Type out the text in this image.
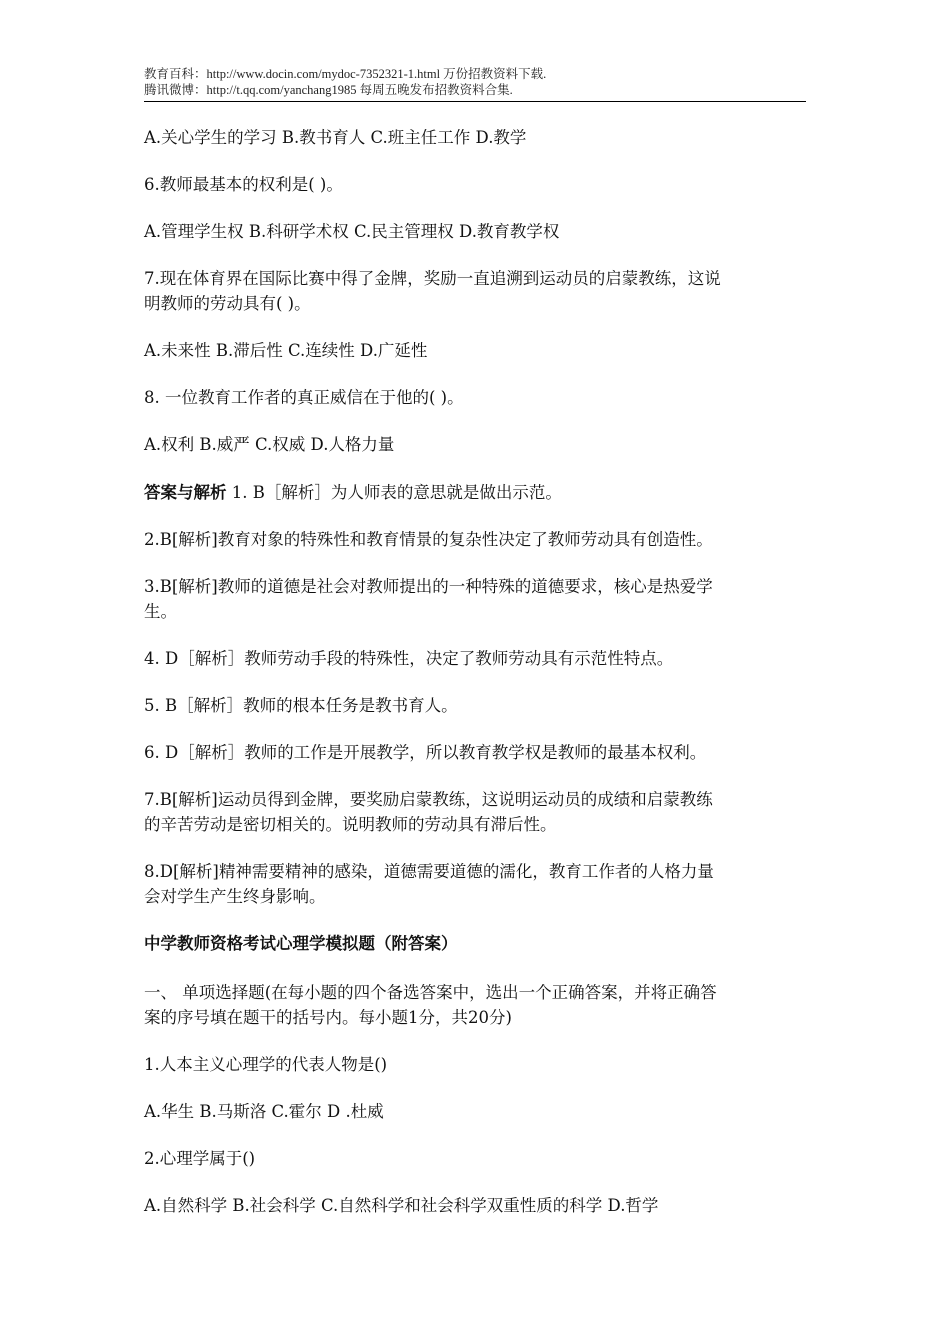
教育百科：http://www.docin.com/mydoc-7352321-1.html 万份招教资料下载.
腾讯微博：http://t.qq.com/yanchang1985 每周五晚发布招教资料合集.
A.关心学生的学习 B.教书育人 C.班主任工作 D.教学
6.教师最基本的权利是( )。
A.管理学生权 B.科研学术权 C.民主管理权 D.教育教学权
7.现在体育界在国际比赛中得了金牌，奖励一直追溯到运动员的启蒙教练，这说
明教师的劳动具有( )。
A.未来性 B.滞后性 C.连续性 D.广延性
8. 一位教育工作者的真正威信在于他的( )。
A.权利 B.威严 C.权威 D.人格力量
答案与解析 1. B［解析］为人师表的意思就是做出示范。
2.B[解析]教育对象的特殊性和教育情景的复杂性决定了教师劳动具有创造性。
3.B[解析]教师的道德是社会对教师提出的一种特殊的道德要求，核心是热爱学
生。
4. D［解析］教师劳动手段的特殊性，决定了教师劳动具有示范性特点。
5. B［解析］教师的根本任务是教书育人。
6. D［解析］教师的工作是开展教学，所以教育教学权是教师的最基本权利。
7.B[解析]运动员得到金牌，要奖励启蒙教练，这说明运动员的成绩和启蒙教练
的辛苦劳动是密切相关的。说明教师的劳动具有滞后性。
8.D[解析]精神需要精神的感染，道德需要道德的濡化，教育工作者的人格力量
会对学生产生终身影响。
中学教师资格考试心理学模拟题（附答案）
一、 单项选择题(在每小题的四个备选答案中，选出一个正确答案，并将正确答
案的序号填在题干的括号内。每小题1分，共20分)
1.人本主义心理学的代表人物是()
A.华生 B.马斯洛 C.霍尔 D .杜威
2.心理学属于()
A.自然科学 B.社会科学 C.自然科学和社会科学双重性质的科学 D.哲学
